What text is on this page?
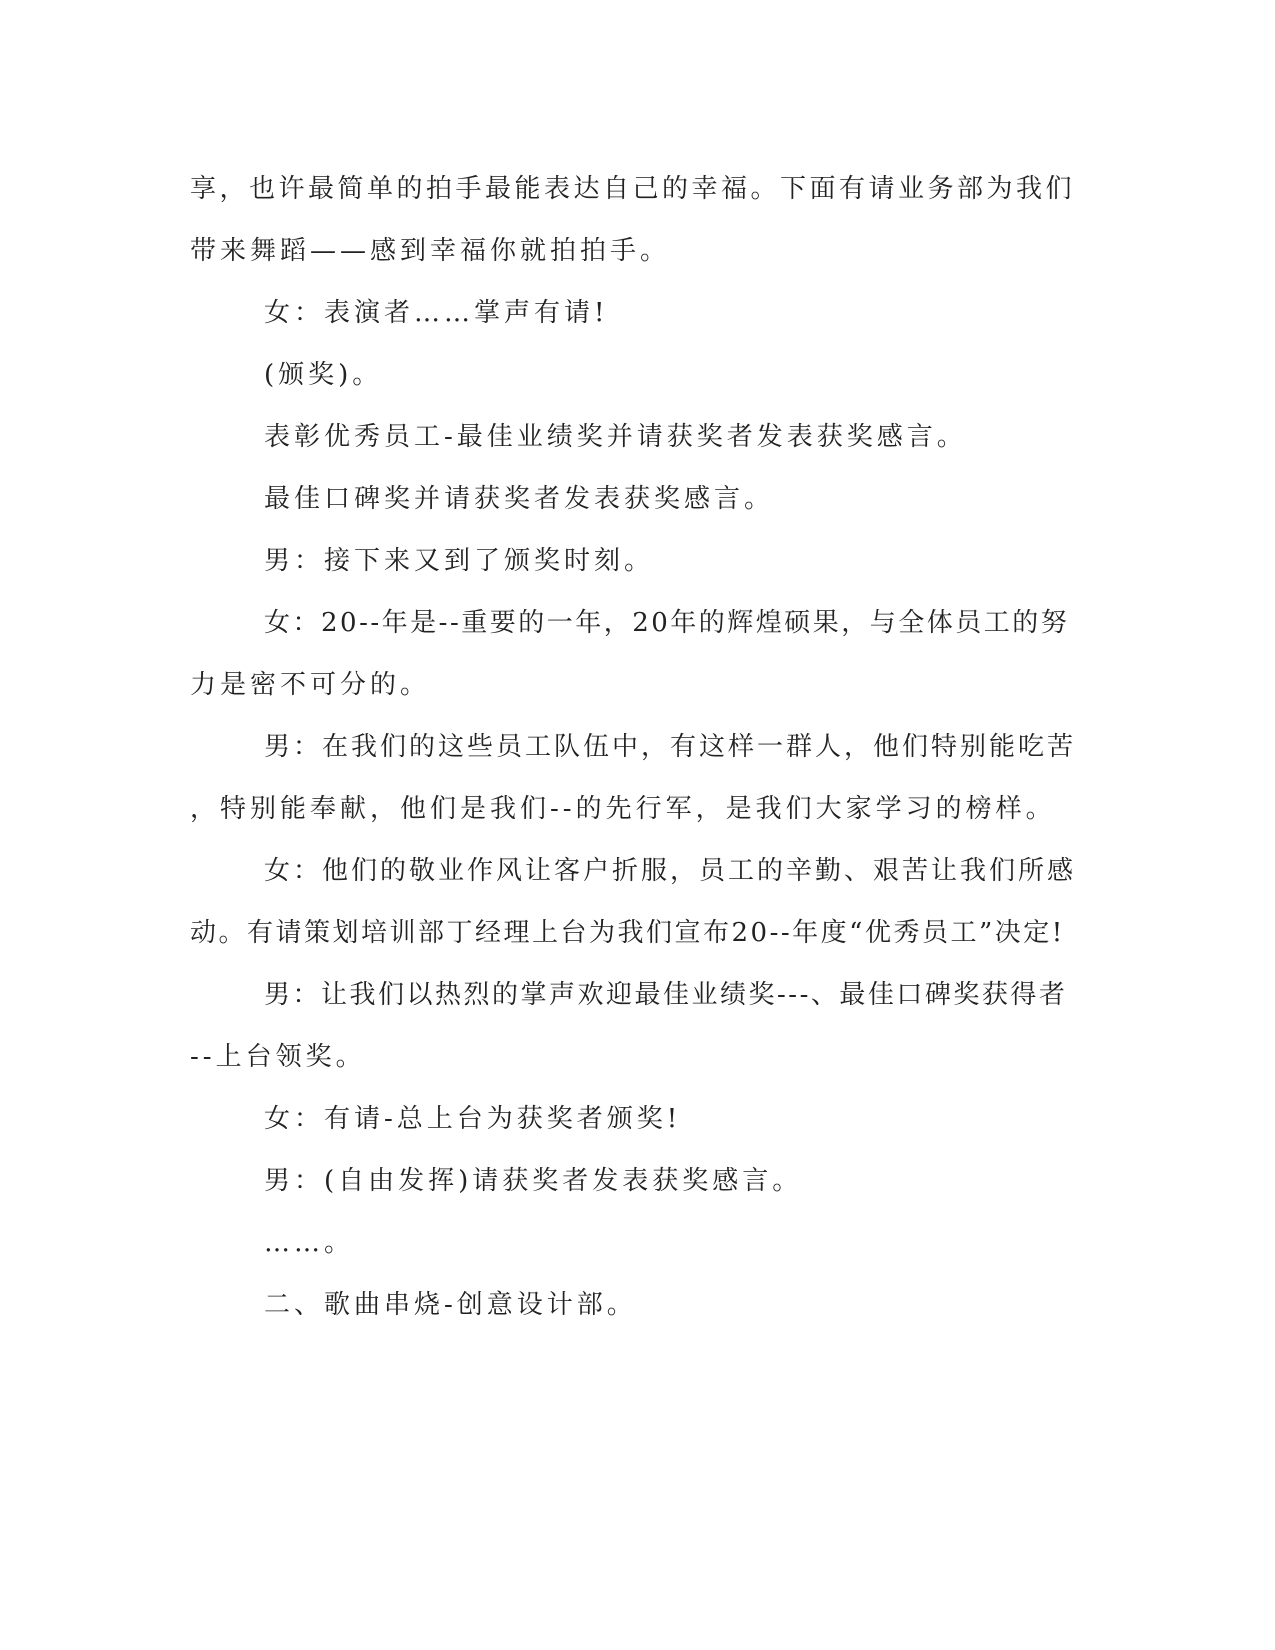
享，也许最简单的拍手最能表达自己的幸福。下面有请业务部为我们
带来舞蹈——感到幸福你就拍拍手。
女：表演者……掌声有请!
(颁奖)。
表彰优秀员工-最佳业绩奖并请获奖者发表获奖感言。
最佳口碑奖并请获奖者发表获奖感言。
男：接下来又到了颁奖时刻。
女：20--年是--重要的一年，20年的辉煌硕果，与全体员工的努
力是密不可分的。
男：在我们的这些员工队伍中，有这样一群人，他们特别能吃苦
，特别能奉献，他们是我们--的先行军，是我们大家学习的榜样。
女：他们的敬业作风让客户折服，员工的辛勤、艰苦让我们所感
动。有请策划培训部丁经理上台为我们宣布20--年度“优秀员工”决定!
男：让我们以热烈的掌声欢迎最佳业绩奖---、最佳口碑奖获得者
--上台领奖。
女：有请-总上台为获奖者颁奖!
男：(自由发挥)请获奖者发表获奖感言。
……。
二、歌曲串烧-创意设计部。
